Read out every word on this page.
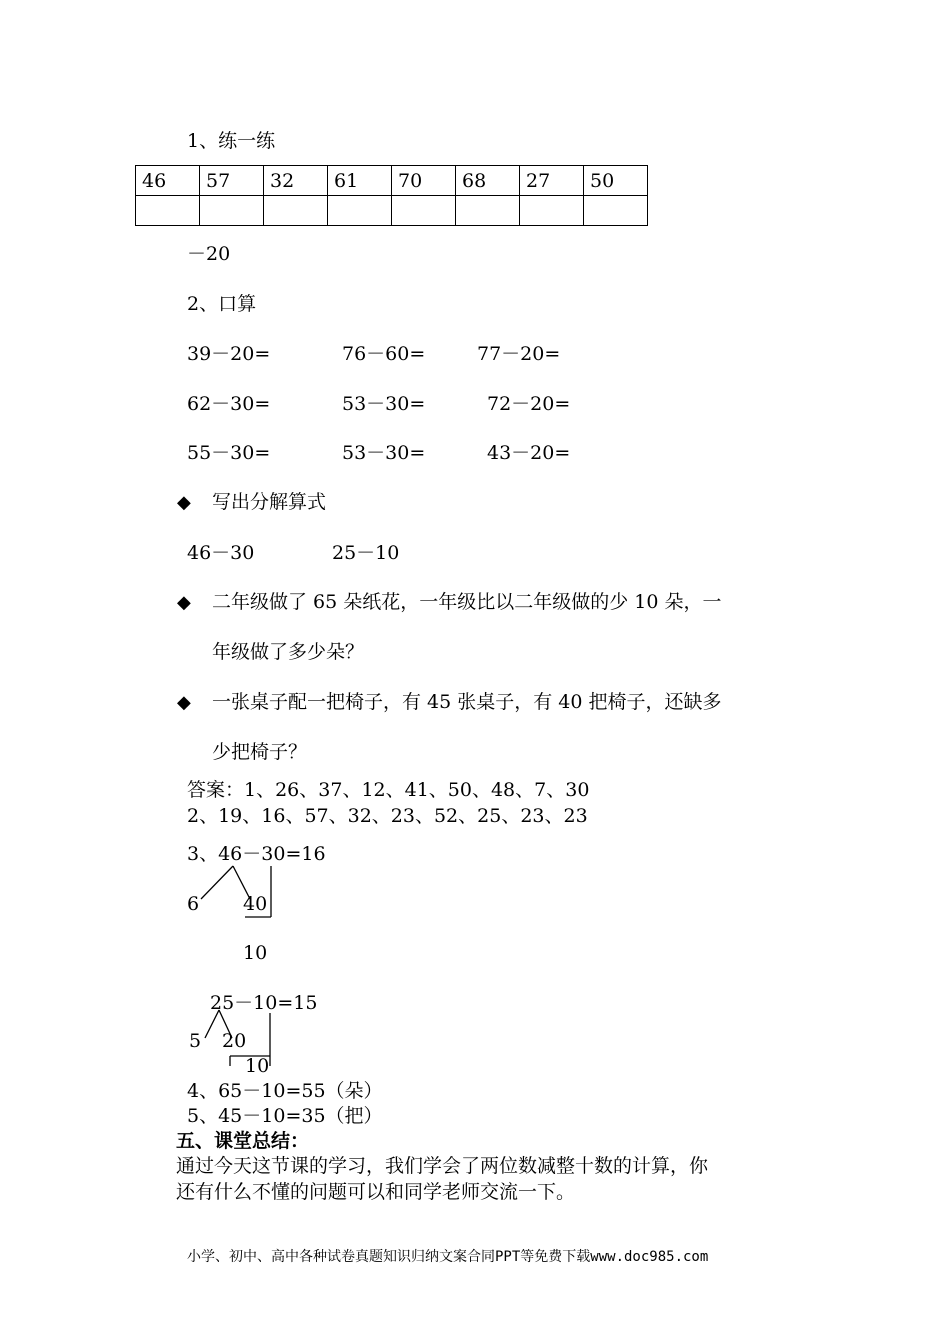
1、练一练
46	57	32	61	70	68	27	50

－20
2、口算
39－20=	76－60=	77－20=
62－30=	53－30=	72－20=
55－30=	53－30=	43－20=
◆ 写出分解算式
46－30	25－10
◆ 二年级做了 65 朵纸花，一年级比以二年级做的少 10 朵，一
年级做了多少朵？
◆ 一张桌子配一把椅子，有 45 张桌子，有 40 把椅子，还缺多
少把椅子？
答案：1、26、37、12、41、50、48、7、30
2、19、16、57、32、23、52、25、23、23
3、46－30=16
6 40
10
25－10=15
5 20
10
4、65－10=55（朵）
5、45－10=35（把）
五、课堂总结：
通过今天这节课的学习，我们学会了两位数减整十数的计算，你
还有什么不懂的问题可以和同学老师交流一下。
小学、初中、高中各种试卷真题知识归纳文案合同PPT等免费下载www.doc985.com
